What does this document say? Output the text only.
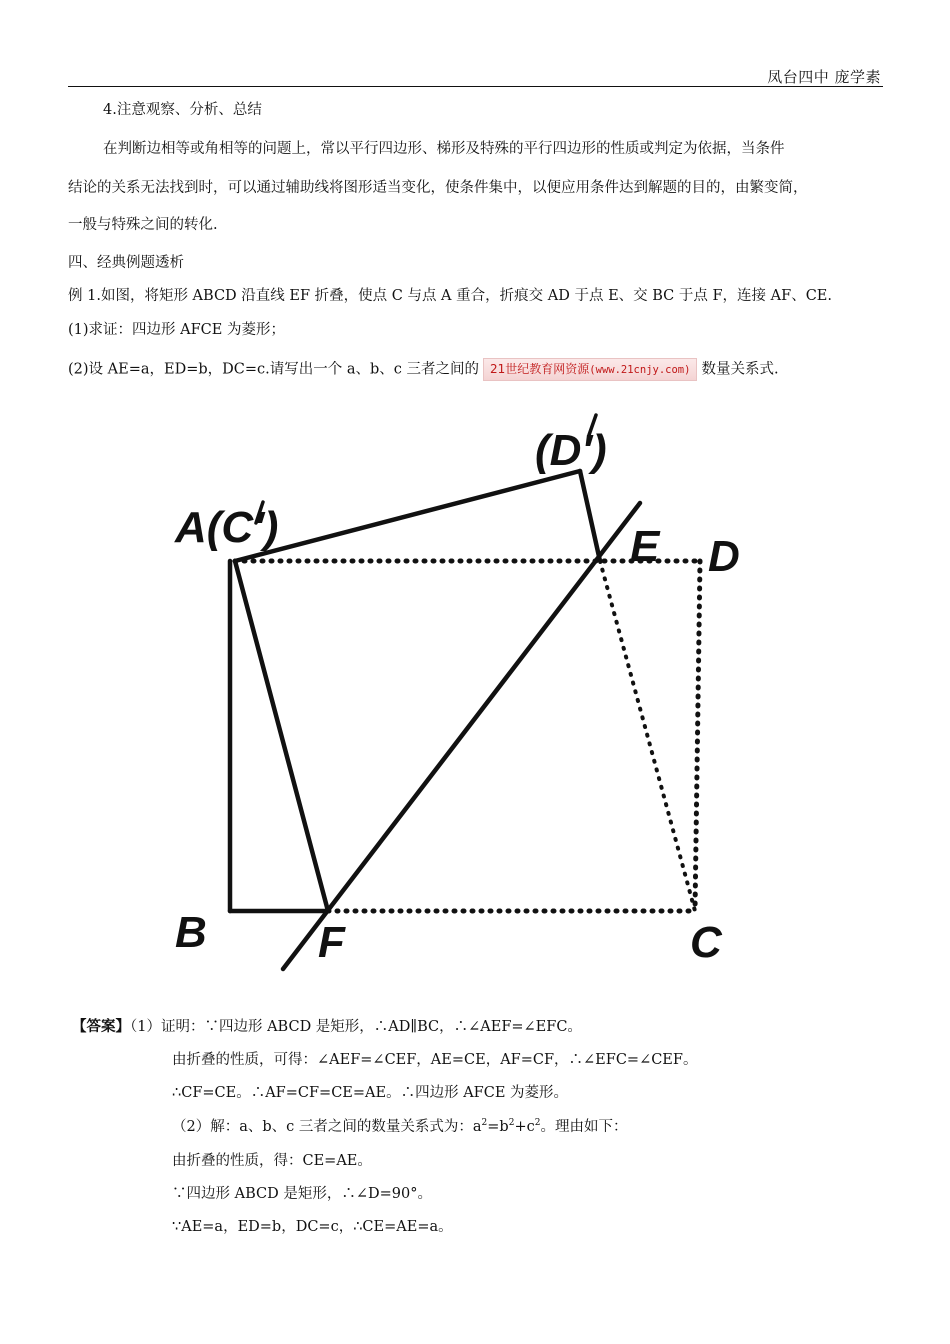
凤台四中 庞学素
4.注意观察、分析、总结
在判断边相等或角相等的问题上，常以平行四边形、梯形及特殊的平行四边形的性质或判定为依据，当条件
结论的关系无法找到时，可以通过辅助线将图形适当变化，使条件集中，以便应用条件达到解题的目的，由繁变简，
一般与特殊之间的转化.
四、经典例题透析
例 1.如图，将矩形 ABCD 沿直线 EF 折叠，使点 C 与点 A 重合，折痕交 AD 于点 E、交 BC 于点 F，连接 AF、CE.
(1)求证：四边形 AFCE 为菱形；
(2)设 AE=a，ED=b，DC=c.请写出一个 a、b、c 三者之间的 21世纪教育网资源(www.21cnjy.com) 数量关系式.
A(C′)
(D′)
E D
B	F	C
【答案】（1）证明：∵四边形 ABCD 是矩形，∴AD∥BC，∴∠AEF=∠EFC。
由折叠的性质，可得：∠AEF=∠CEF，AE=CE，AF=CF，∴∠EFC=∠CEF。
∴CF=CE。∴AF=CF=CE=AE。∴四边形 AFCE 为菱形。
（2）解：a、b、c 三者之间的数量关系式为：$a^2=b^2+c^2$。理由如下：
由折叠的性质，得：CE=AE。
∵四边形 ABCD 是矩形，∴∠D=90°。
∵AE=a，ED=b，DC=c，∴CE=AE=a。
